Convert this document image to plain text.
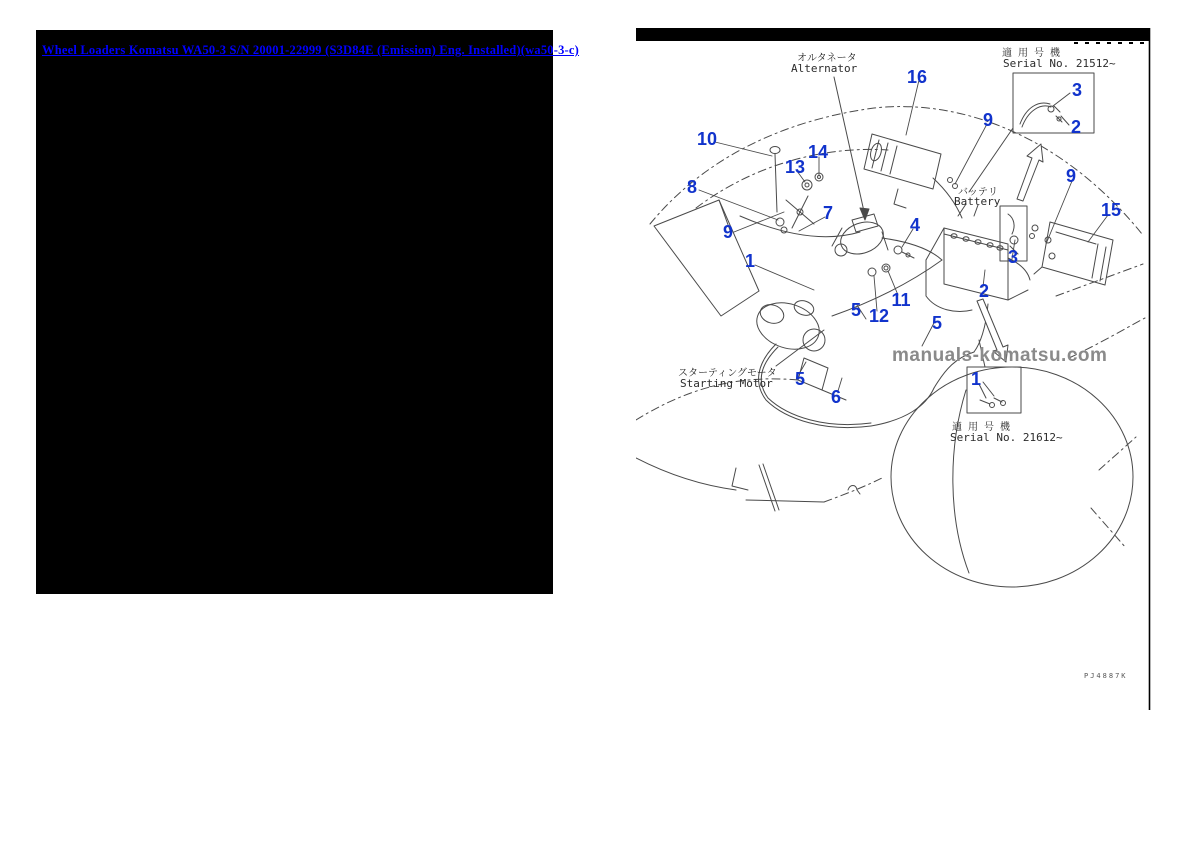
Wheel Loaders Komatsu WA50-3 S/N 20001-22999 (S3D84E (Emission) Eng. Installed)(wa50-3-c)
オルタネータ
Alternator
適 用 号 機
Serial No. 21512~
バッテリ
Battery
スターティングモータ
Starting Motor
適 用 号 機
Serial No. 21612~
manuals-komatsu.com
PJ4887K
16
3
9	2
10
14
13	9
8
15
7
4
9
3
1
2
11
5 12 5
5	1
6
